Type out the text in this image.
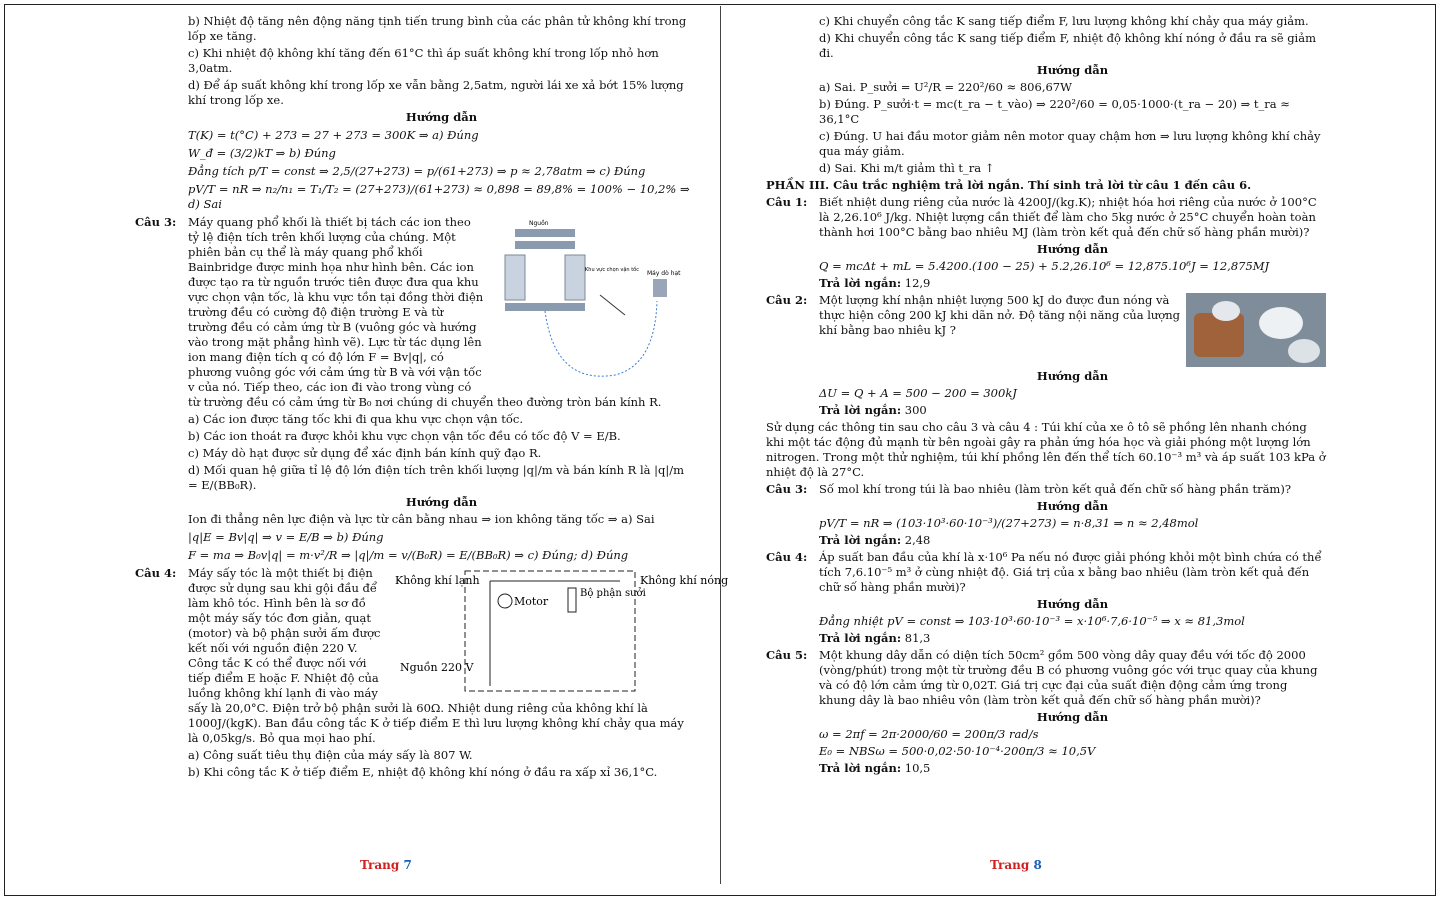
b) Nhiệt độ tăng nên động năng tịnh tiến trung bình của các phân tử không khí trong lốp xe tăng.

c) Khi nhiệt độ không khí tăng đến 61°C thì áp suất không khí trong lốp nhỏ hơn 3,0atm.

d) Để áp suất không khí trong lốp xe vẫn bằng 2,5atm, người lái xe xả bớt 15% lượng khí trong lốp xe.

Hướng dẫn

T(K) = t(°C) + 273 = 27 + 273 = 300K ⇒ a) Đúng

W_đ = (3/2)kT ⇒ b) Đúng

Đẳng tích p/T = const ⇒ 2,5/(27+273) = p/(61+273) ⇒ p ≈ 2,78atm ⇒ c) Đúng

pV/T = nR ⇒ n₂/n₁ = T₁/T₂ = (27+273)/(61+273) ≈ 0,898 = 89,8% = 100% − 10,2% ⇒ d) Sai

Câu 3:	Nguồn
Khu vực chọn vận tốc Máy dò hạt

Máy quang phổ khối là thiết bị tách các ion theo tỷ lệ điện tích trên khối lượng của chúng. Một phiên bản cụ thể là máy quang phổ khối Bainbridge được minh họa như hình bên. Các ion được tạo ra từ nguồn trước tiên được đưa qua khu vực chọn vận tốc, là khu vực tồn tại đồng thời điện trường đều có cường độ điện trường E và từ trường đều có cảm ứng từ B (vuông góc và hướng vào trong mặt phẳng hình vẽ). Lực từ tác dụng lên ion mang điện tích q có độ lớn F = Bv|q|, có phương vuông góc với cảm ứng từ B và với vận tốc v của nó. Tiếp theo, các ion đi vào trong vùng có từ trường đều có cảm ứng từ B₀ nơi chúng di chuyển theo đường tròn bán kính R.

a) Các ion được tăng tốc khi đi qua khu vực chọn vận tốc.

b) Các ion thoát ra được khỏi khu vực chọn vận tốc đều có tốc độ V = E/B.

c) Máy dò hạt được sử dụng để xác định bán kính quỹ đạo R.

d) Mối quan hệ giữa tỉ lệ độ lớn điện tích trên khối lượng |q|/m và bán kính R là |q|/m = E/(BB₀R).

Hướng dẫn

Ion đi thẳng nên lực điện và lực từ cân bằng nhau ⇒ ion không tăng tốc ⇒ a) Sai

|q|E = Bv|q| ⇒ v = E/B ⇒ b) Đúng

F = ma ⇒ B₀v|q| = m·v²/R ⇒ |q|/m = v/(B₀R) = E/(BB₀R) ⇒ c) Đúng; d) Đúng

Câu 4:
Không khí lạnh
Motor
Bộ phận sưởi
Không khí nóng
Nguồn 220 V

Máy sấy tóc là một thiết bị điện được sử dụng sau khi gội đầu để làm khô tóc. Hình bên là sơ đồ một máy sấy tóc đơn giản, quạt (motor) và bộ phận sưởi ấm được kết nối với nguồn điện 220 V. Công tắc K có thể được nối với tiếp điểm E hoặc F. Nhiệt độ của luồng không khí lạnh đi vào máy sấy là 20,0°C. Điện trở bộ phận sưởi là 60Ω. Nhiệt dung riêng của không khí là 1000J/(kgK). Ban đầu công tắc K ở tiếp điểm E thì lưu lượng không khí chảy qua máy là 0,05kg/s. Bỏ qua mọi hao phí.

a) Công suất tiêu thụ điện của máy sấy là 807 W.

b) Khi công tắc K ở tiếp điểm E, nhiệt độ không khí nóng ở đầu ra xấp xỉ 36,1°C.

Trang 7

c) Khi chuyển công tắc K sang tiếp điểm F, lưu lượng không khí chảy qua máy giảm.

d) Khi chuyển công tắc K sang tiếp điểm F, nhiệt độ không khí nóng ở đầu ra sẽ giảm đi.

Hướng dẫn

a) Sai. P_sưởi = U²/R = 220²/60 ≈ 806,67W

b) Đúng. P_sưởi·t = mc(t_ra − t_vào) ⇒ 220²/60 = 0,05·1000·(t_ra − 20) ⇒ t_ra ≈ 36,1°C

c) Đúng. U hai đầu motor giảm nên motor quay chậm hơn ⇒ lưu lượng không khí chảy qua máy giảm.

d) Sai. Khi m/t giảm thì t_ra ↑

PHẦN III. Câu trắc nghiệm trả lời ngắn. Thí sinh trả lời từ câu 1 đến câu 6.

Câu 1:	Biết nhiệt dung riêng của nước là 4200J/(kg.K); nhiệt hóa hơi riêng của nước ở 100°C là 2,26.10⁶ J/kg. Nhiệt lượng cần thiết để làm cho 5kg nước ở 25°C chuyển hoàn toàn thành hơi 100°C bằng bao nhiêu MJ (làm tròn kết quả đến chữ số hàng phần mười)?

Hướng dẫn

Q = mcΔt + mL = 5.4200.(100 − 25) + 5.2,26.10⁶ = 12,875.10⁶J = 12,875MJ

Trả lời ngắn: 12,9

Câu 2:	Một lượng khí nhận nhiệt lượng 500 kJ do được đun nóng và thực hiện công 200 kJ khi dãn nở. Độ tăng nội năng của lượng khí bằng bao nhiêu kJ ?

Hướng dẫn

ΔU = Q + A = 500 − 200 = 300kJ

Trả lời ngắn: 300

Sử dụng các thông tin sau cho câu 3 và câu 4 : Túi khí của xe ô tô sẽ phồng lên nhanh chóng khi một tác động đủ mạnh từ bên ngoài gây ra phản ứng hóa học và giải phóng một lượng lớn nitrogen. Trong một thử nghiệm, túi khí phồng lên đến thể tích 60.10⁻³ m³ và áp suất 103 kPa ở nhiệt độ là 27°C.

Câu 3:	Số mol khí trong túi là bao nhiêu (làm tròn kết quả đến chữ số hàng phần trăm)?

Hướng dẫn

pV/T = nR ⇒ (103·10³·60·10⁻³)/(27+273) = n·8,31 ⇒ n ≈ 2,48mol

Trả lời ngắn: 2,48

Câu 4:	Áp suất ban đầu của khí là x·10⁶ Pa nếu nó được giải phóng khỏi một bình chứa có thể tích 7,6.10⁻⁵ m³ ở cùng nhiệt độ. Giá trị của x bằng bao nhiêu (làm tròn kết quả đến chữ số hàng phần mười)?

Hướng dẫn

Đẳng nhiệt pV = const ⇒ 103·10³·60·10⁻³ = x·10⁶·7,6·10⁻⁵ ⇒ x ≈ 81,3mol

Trả lời ngắn: 81,3

Câu 5:	Một khung dây dẫn có diện tích 50cm² gồm 500 vòng dây quay đều với tốc độ 2000 (vòng/phút) trong một từ trường đều B có phương vuông góc với trục quay của khung và có độ lớn cảm ứng từ 0,02T. Giá trị cực đại của suất điện động cảm ứng trong khung dây là bao nhiêu vôn (làm tròn kết quả đến chữ số hàng phần mười)?

Hướng dẫn

ω = 2πf = 2π·2000/60 = 200π/3 rad/s

E₀ = NBSω = 500·0,02·50·10⁻⁴·200π/3 ≈ 10,5V

Trả lời ngắn: 10,5

Trang 8
